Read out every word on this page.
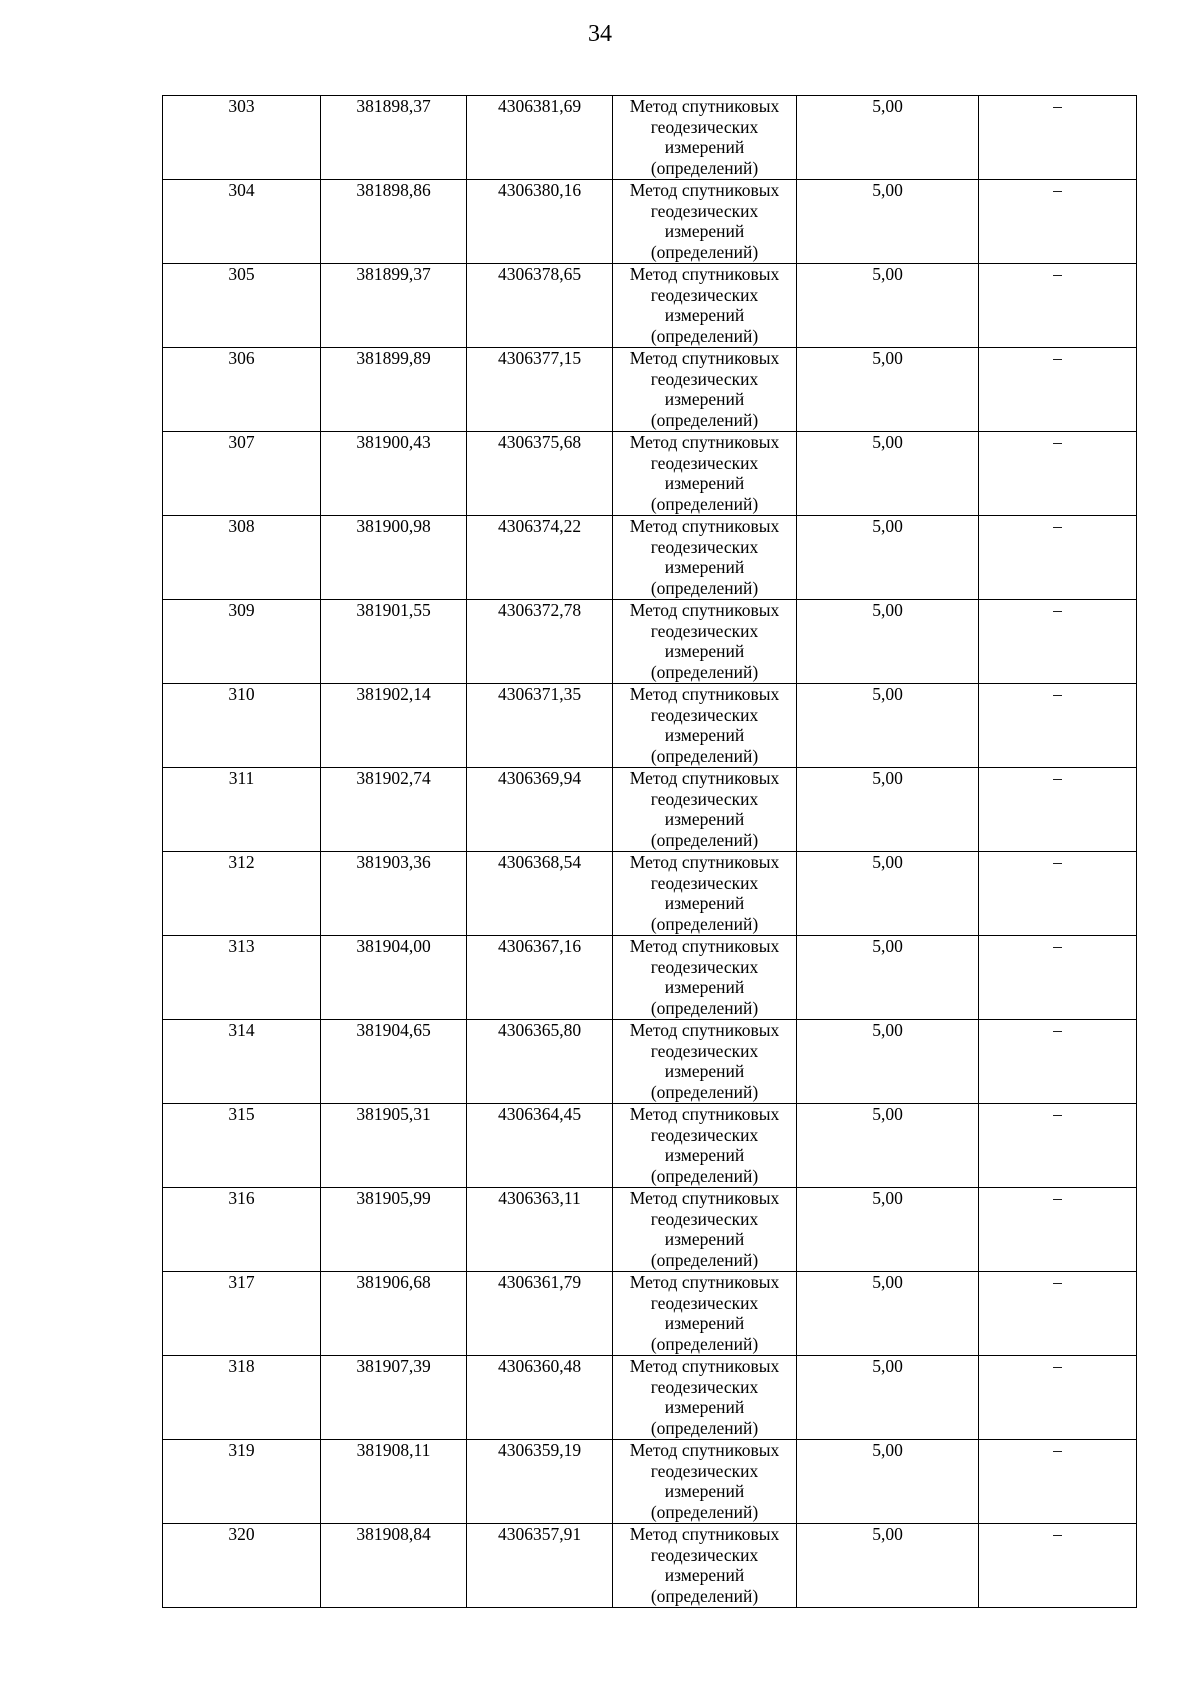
34
303	381898,37	4306381,69	Метод спутниковых геодезических измерений (определений)	5,00	–
304	381898,86	4306380,16	Метод спутниковых геодезических измерений (определений)	5,00	–
305	381899,37	4306378,65	Метод спутниковых геодезических измерений (определений)	5,00	–
306	381899,89	4306377,15	Метод спутниковых геодезических измерений (определений)	5,00	–
307	381900,43	4306375,68	Метод спутниковых геодезических измерений (определений)	5,00	–
308	381900,98	4306374,22	Метод спутниковых геодезических измерений (определений)	5,00	–
309	381901,55	4306372,78	Метод спутниковых геодезических измерений (определений)	5,00	–
310	381902,14	4306371,35	Метод спутниковых геодезических измерений (определений)	5,00	–
311	381902,74	4306369,94	Метод спутниковых геодезических измерений (определений)	5,00	–
312	381903,36	4306368,54	Метод спутниковых геодезических измерений (определений)	5,00	–
313	381904,00	4306367,16	Метод спутниковых геодезических измерений (определений)	5,00	–
314	381904,65	4306365,80	Метод спутниковых геодезических измерений (определений)	5,00	–
315	381905,31	4306364,45	Метод спутниковых геодезических измерений (определений)	5,00	–
316	381905,99	4306363,11	Метод спутниковых геодезических измерений (определений)	5,00	–
317	381906,68	4306361,79	Метод спутниковых геодезических измерений (определений)	5,00	–
318	381907,39	4306360,48	Метод спутниковых геодезических измерений (определений)	5,00	–
319	381908,11	4306359,19	Метод спутниковых геодезических измерений (определений)	5,00	–
320	381908,84	4306357,91	Метод спутниковых геодезических измерений (определений)	5,00	–
